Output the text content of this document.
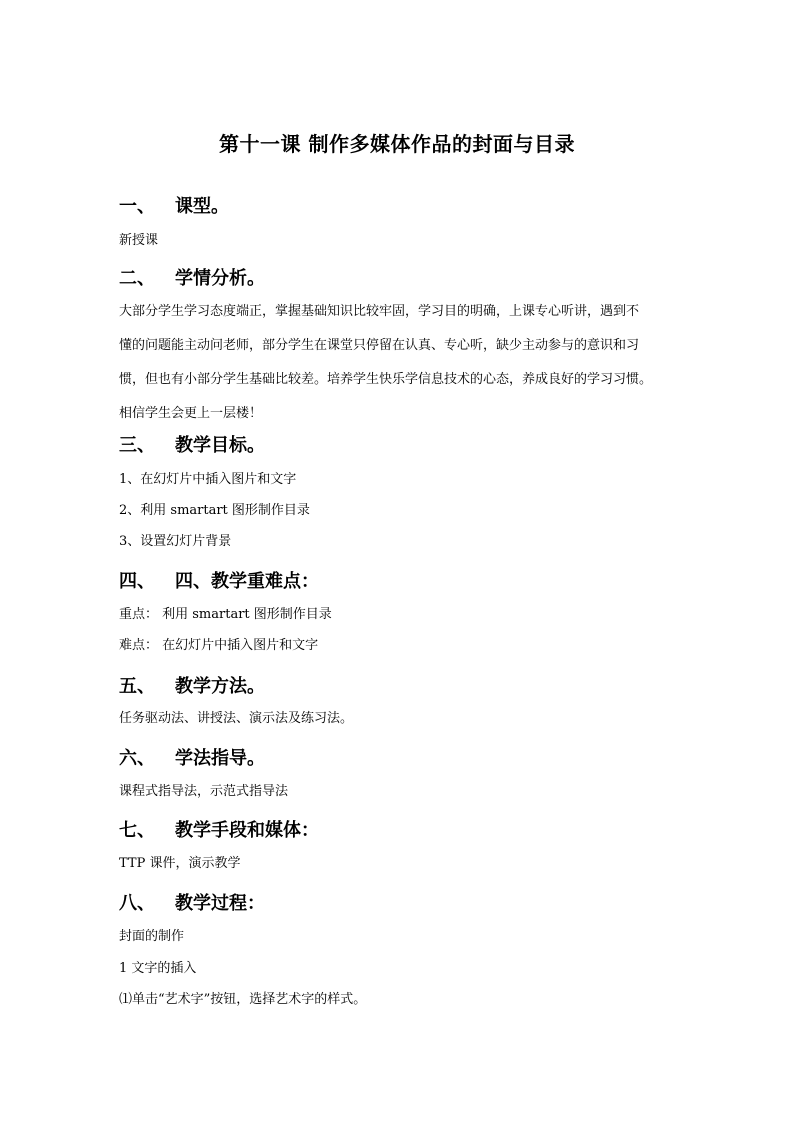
第十一课 制作多媒体作品的封面与目录
一、 课型。
新授课
二、 学情分析。
大部分学生学习态度端正，掌握基础知识比较牢固，学习目的明确，上课专心听讲，遇到不
懂的问题能主动问老师，部分学生在课堂只停留在认真、专心听，缺少主动参与的意识和习
惯，但也有小部分学生基础比较差。培养学生快乐学信息技术的心态，养成良好的学习习惯。
相信学生会更上一层楼！
三、 教学目标。
1、在幻灯片中插入图片和文字
2、利用 smartart 图形制作目录
3、设置幻灯片背景
四、 四、教学重难点：
重点： 利用 smartart 图形制作目录
难点： 在幻灯片中插入图片和文字
五、 教学方法。
任务驱动法、讲授法、演示法及练习法。
六、 学法指导。
课程式指导法，示范式指导法
七、 教学手段和媒体：
TTP 课件，演示教学
八、 教学过程：
封面的制作
1 文字的插入
⑴单击“艺术字”按钮，选择艺术字的样式。
